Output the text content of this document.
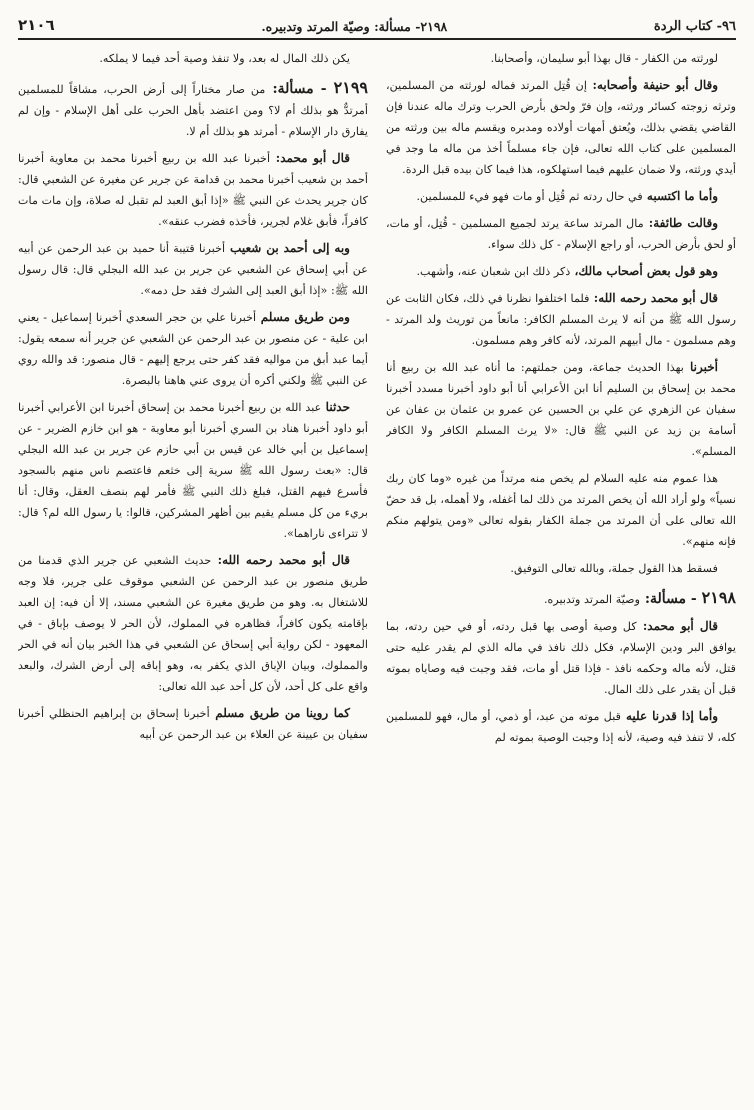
٩٦- كتاب الردة
٢١٩٨- مسألة: وصيّة المرتد وتدبيره.
٢١٠٦

لورثته من الكفار - قال بهذا أبو سليمان، وأصحابنا.

وقال أبو حنيفة وأصحابه: إن قُتِل المرتد فماله لورثته من المسلمين، وترثه زوجته كسائر ورثته، وإن فرّ ولحق بأرض الحرب وترك ماله عندنا فإن القاضي يقضي بذلك، ويُعتق أمهات أولاده ومدبره ويقسم ماله بين ورثته من المسلمين على كتاب الله تعالى، فإن جاء مسلماً أخذ من ماله ما وجد في أيدي ورثته، ولا ضمان عليهم فيما استهلكوه، هذا فيما كان بيده قبل الردة.

وأما ما اكتسبه في حال ردته ثم قُتِل أو مات فهو فيء للمسلمين.

وقالت طائفة: مال المرتد ساعة يرتد لجميع المسلمين - قُتِل، أو مات، أو لحق بأرض الحرب، أو راجع الإسلام - كل ذلك سواء.

وهو قول بعض أصحاب مالك، ذكر ذلك ابن شعبان عنه، وأشهب.

قال أبو محمد رحمه الله: فلما اختلفوا نظرنا في ذلك، فكان الثابت عن رسول الله ﷺ من أنه لا يرث المسلم الكافر: مانعاً من توريث ولد المرتد - وهم مسلمون - مال أبيهم المرتد، لأنه كافر وهم مسلمون.

أخبرنا بهذا الحديث جماعة، ومن جملتهم: ما أناه عبد الله بن ربيع أنا محمد بن إسحاق بن السليم أنا ابن الأعرابي أنا أبو داود أخبرنا مسدد أخبرنا سفيان عن الزهري عن علي بن الحسين عن عمرو بن عثمان بن عفان عن أسامة بن زيد عن النبي ﷺ قال: «لا يرث المسلم الكافر ولا الكافر المسلم».

هذا عموم منه عليه السلام لم يخص منه مرتداً من غيره «وما كان ربك نسياً» ولو أراد الله أن يخص المرتد من ذلك لما أغفله، ولا أهمله، بل قد حضّ الله تعالى على أن المرتد من جملة الكفار بقوله تعالى «ومن يتولهم منكم فإنه منهم».

فسقط هذا القول جملة، وبالله تعالى التوفيق.

٢١٩٨ - مسألة: وصيّة المرتد وتدبيره.

قال أبو محمد: كل وصية أوصى بها قبل ردته، أو في حين ردته، بما يوافق البر ودين الإسلام، فكل ذلك نافذ في ماله الذي لم يقدر عليه حتى قتل، لأنه ماله وحكمه نافذ - فإذا قتل أو مات، فقد وجبت فيه وصاياه بموته قبل أن يقدر على ذلك المال.

وأما إذا قدرنا عليه قبل موته من عبد، أو ذمي، أو مال، فهو للمسلمين كله، لا تنفذ فيه وصية، لأنه إذا وجبت الوصية بموته لم

يكن ذلك المال له بعد، ولا تنفذ وصية أحد فيما لا يملكه.

٢١٩٩ - مسألة: من صار مختاراً إلى أرض الحرب، مشاقاً للمسلمين أمرتدٌّ هو بذلك أم لا؟ ومن اعتضد بأهل الحرب على أهل الإسلام - وإن لم يفارق دار الإسلام - أمرتد هو بذلك أم لا.

قال أبو محمد: أخبرنا عبد الله بن ربيع أخبرنا محمد بن معاوية أخبرنا أحمد بن شعيب أخبرنا محمد بن قدامة عن جرير عن مغيرة عن الشعبي قال: كان جرير يحدث عن النبي ﷺ «إذا أبق العبد لم تقبل له صلاة، وإن مات مات كافراً، فأبق غلام لجرير، فأخذه فضرب عنقه».

وبه إلى أحمد بن شعيب أخبرنا قتيبة أنا حميد بن عبد الرحمن عن أبيه عن أبي إسحاق عن الشعبي عن جرير بن عبد الله البجلي قال: قال رسول الله ﷺ: «إذا أبق العبد إلى الشرك فقد حل دمه».

ومن طريق مسلم أخبرنا علي بن حجر السعدي أخبرنا إسماعيل - يعني ابن علية - عن منصور بن عبد الرحمن عن الشعبي عن جرير أنه سمعه يقول: أيما عبد أبق من مواليه فقد كفر حتى يرجع إليهم - قال منصور: قد والله روي عن النبي ﷺ ولكني أكره أن يروى عني هاهنا بالبصرة.

حدثنا عبد الله بن ربيع أخبرنا محمد بن إسحاق أخبرنا ابن الأعرابي أخبرنا أبو داود أخبرنا هناد بن السري أخبرنا أبو معاوية - هو ابن خازم الضرير - عن إسماعيل بن أبي خالد عن قيس بن أبي حازم عن جرير بن عبد الله البجلي قال: «بعث رسول الله ﷺ سرية إلى خثعم فاعتصم ناس منهم بالسجود فأسرع فيهم القتل، فبلغ ذلك النبي ﷺ فأمر لهم بنصف العقل، وقال: أنا بريء من كل مسلم يقيم بين أظهر المشركين، قالوا: يا رسول الله لم؟ قال: لا تتراءى ناراهما».

قال أبو محمد رحمه الله: حديث الشعبي عن جرير الذي قدمنا من طريق منصور بن عبد الرحمن عن الشعبي موقوف على جرير، فلا وجه للاشتغال به. وهو من طريق مغيرة عن الشعبي مسند، إلا أن فيه: إن العبد بإقامته يكون كافراً، فظاهره في المملوك، لأن الحر لا يوصف بإباق - في المعهود - لكن رواية أبي إسحاق عن الشعبي في هذا الخبر بيان أنه في الحر والمملوك، وبيان الإباق الذي يكفر به، وهو إباقه إلى أرض الشرك، والبعد واقع على كل أحد، لأن كل أحد عبد الله تعالى:

كما روينا من طريق مسلم أخبرنا إسحاق بن إبراهيم الحنظلي أخبرنا سفيان بن عيينة عن العلاء بن عبد الرحمن عن أبيه
